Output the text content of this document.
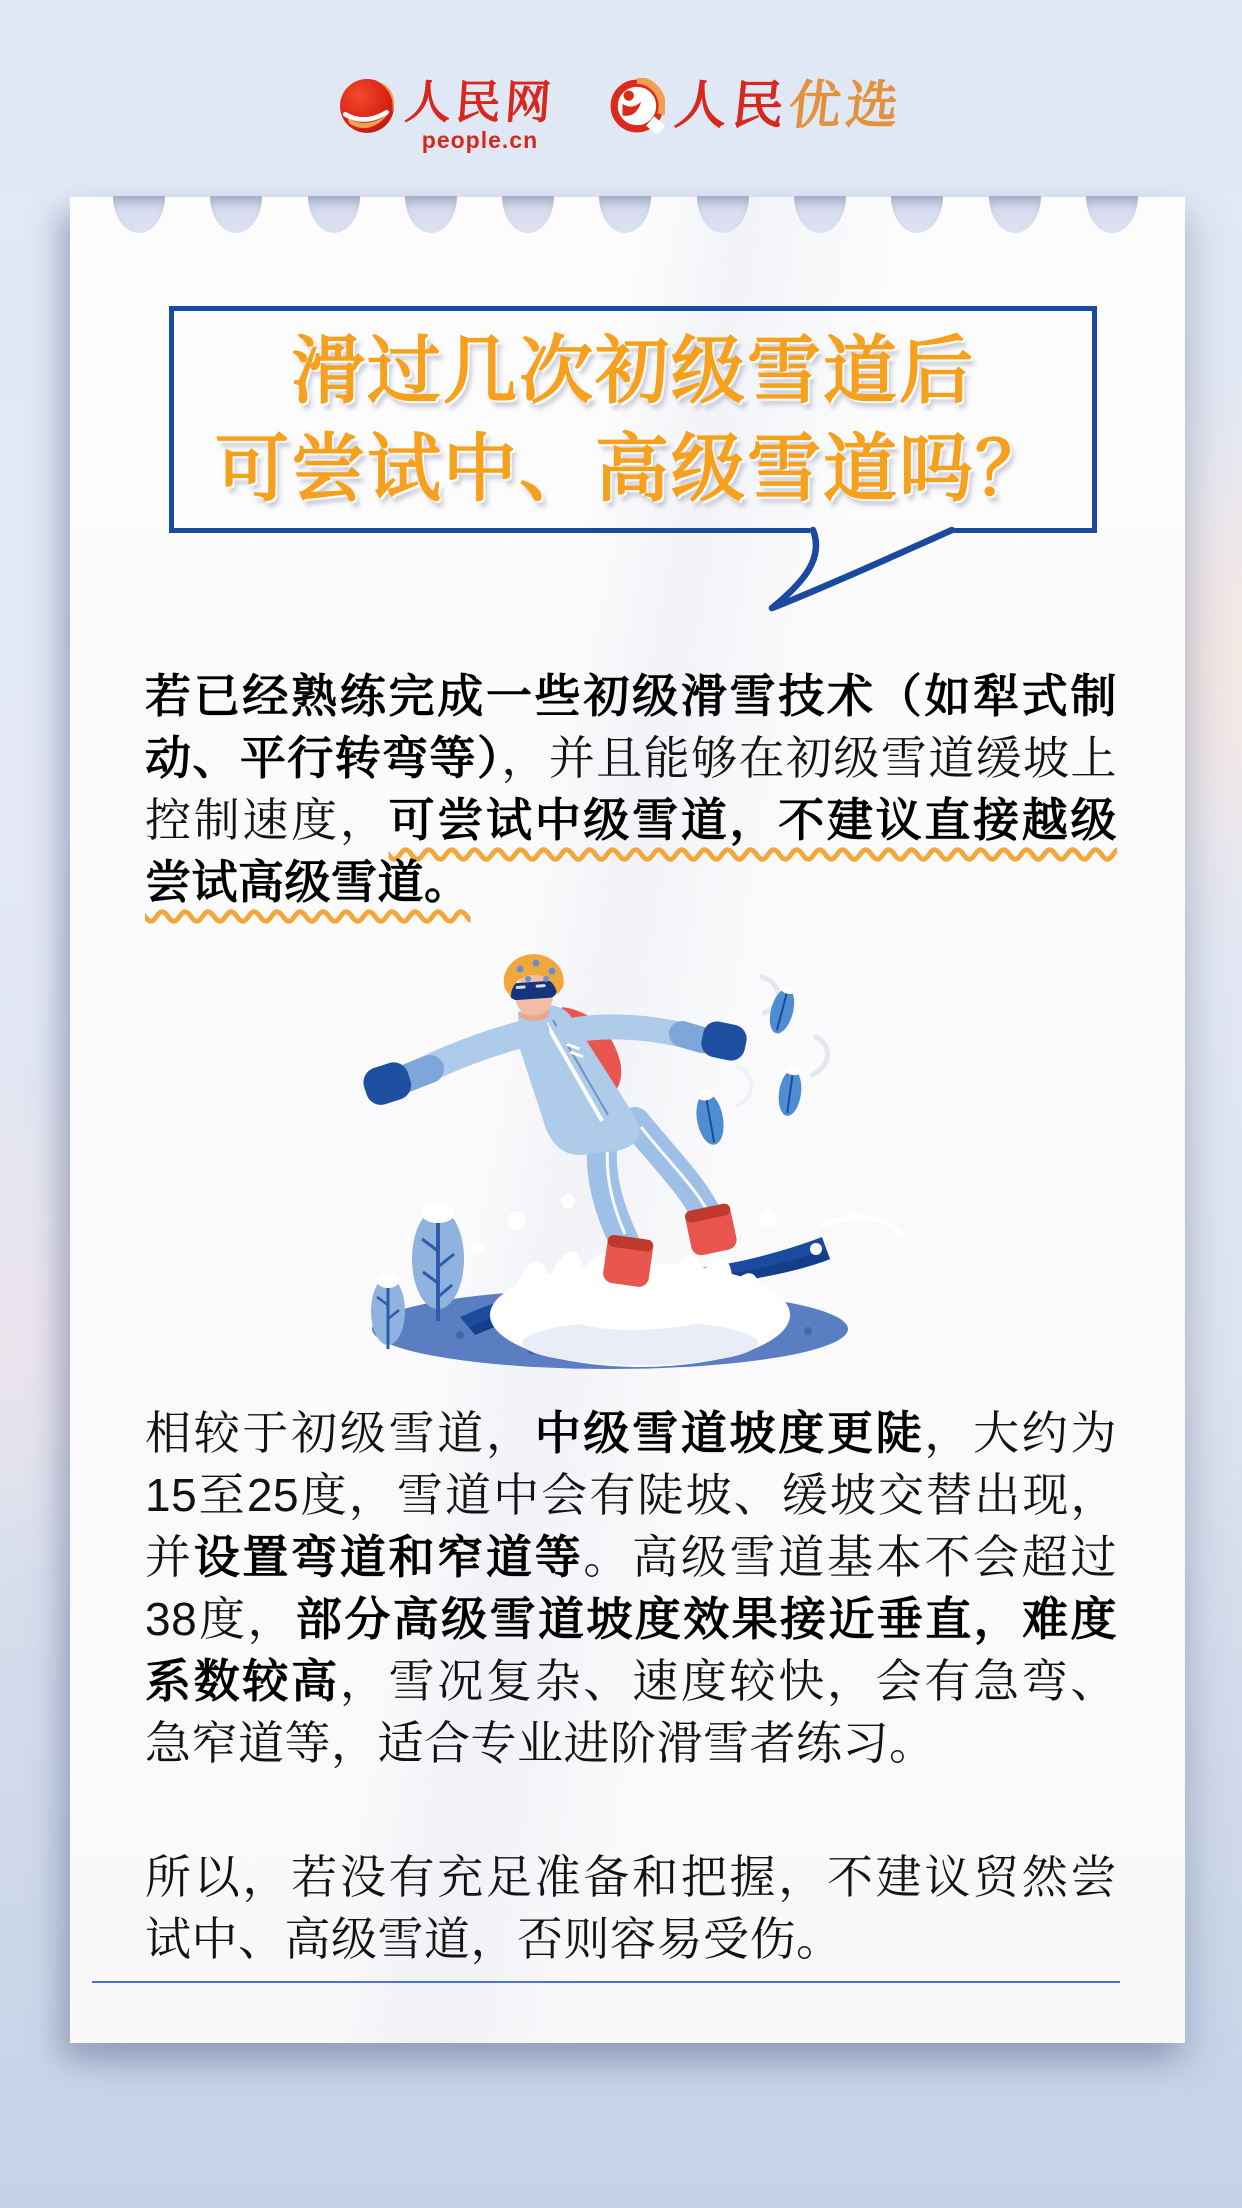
人民网
people.cn
人民优选
滑过几次初级雪道后
可尝试中、高级雪道吗？

若已经熟练完成一些初级滑雪技术（如犁式制动、平行转弯等），并且能够在初级雪道缓坡上控制速度，可尝试中级雪道，不建议直接越级尝试高级雪道。

相较于初级雪道，中级雪道坡度更陡，大约为15至25度，雪道中会有陡坡、缓坡交替出现，并设置弯道和窄道等。高级雪道基本不会超过38度，部分高级雪道坡度效果接近垂直，难度系数较高，雪况复杂、速度较快，会有急弯、急窄道等，适合专业进阶滑雪者练习。

所以，若没有充足准备和把握，不建议贸然尝试中、高级雪道，否则容易受伤。
